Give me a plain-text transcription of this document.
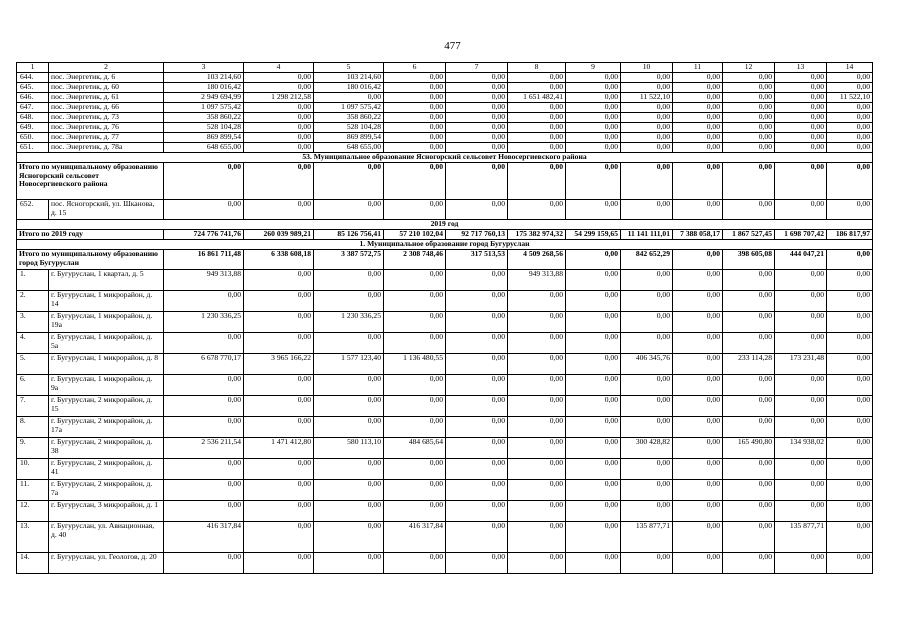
477
1	2	3	4	5	6	7	8	9	10	11	12	13	14
644.	пос. Энергетик, д. 6	103 214,60	0,00	103 214,60	0,00	0,00	0,00	0,00	0,00	0,00	0,00	0,00	0,00
645.	пос. Энергетик, д. 60	180 016,42	0,00	180 016,42	0,00	0,00	0,00	0,00	0,00	0,00	0,00	0,00	0,00
646.	пос. Энергетик, д. 61	2 949 694,99	1 298 212,58	0,00	0,00	0,00	1 651 482,41	0,00	11 522,10	0,00	0,00	0,00	11 522,10
647.	пос. Энергетик, д. 66	1 097 575,42	0,00	1 097 575,42	0,00	0,00	0,00	0,00	0,00	0,00	0,00	0,00	0,00
648.	пос. Энергетик, д. 73	358 860,22	0,00	358 860,22	0,00	0,00	0,00	0,00	0,00	0,00	0,00	0,00	0,00
649.	пос. Энергетик, д. 76	528 104,28	0,00	528 104,28	0,00	0,00	0,00	0,00	0,00	0,00	0,00	0,00	0,00
650.	пос. Энергетик, д. 77	869 899,54	0,00	869 899,54	0,00	0,00	0,00	0,00	0,00	0,00	0,00	0,00	0,00
651.	пос. Энергетик, д. 78а	648 655,00	0,00	648 655,00	0,00	0,00	0,00	0,00	0,00	0,00	0,00	0,00	0,00
53. Муниципальное образование Ясногорский сельсовет Новосергиевского района													
Итого по муниципальному образованию Ясногорский сельсовет Новосергиевского района		0,00	0,00	0,00	0,00	0,00	0,00	0,00	0,00	0,00	0,00	0,00	0,00
652.	пос. Ясногорский, ул. Шканова, д. 15	0,00	0,00	0,00	0,00	0,00	0,00	0,00	0,00	0,00	0,00	0,00	0,00
2019 год													
Итого по 2019 году		724 776 741,76	260 039 989,21	85 126 756,41	57 210 102,04	92 717 760,13	175 382 974,32	54 299 159,65	11 141 111,01	7 388 058,17	1 867 527,45	1 698 707,42	186 817,97
1. Муниципальное образование город Бугуруслан													
Итого по муниципальному образованию город Бугуруслан		16 861 711,48	6 338 608,18	3 387 572,75	2 308 748,46	317 513,53	4 509 268,56	0,00	842 652,29	0,00	398 605,08	444 047,21	0,00
1.	г. Бугуруслан, 1 квартал, д. 5	949 313,88	0,00	0,00	0,00	0,00	949 313,88	0,00	0,00	0,00	0,00	0,00	0,00
2.	г. Бугуруслан, 1 микрорайон, д. 14	0,00	0,00	0,00	0,00	0,00	0,00	0,00	0,00	0,00	0,00	0,00	0,00
3.	г. Бугуруслан, 1 микрорайон, д. 19а	1 230 336,25	0,00	1 230 336,25	0,00	0,00	0,00	0,00	0,00	0,00	0,00	0,00	0,00
4.	г. Бугуруслан, 1 микрорайон, д. 5а	0,00	0,00	0,00	0,00	0,00	0,00	0,00	0,00	0,00	0,00	0,00	0,00
5.	г. Бугуруслан, 1 микрорайон, д. 8	6 678 770,17	3 965 166,22	1 577 123,40	1 136 480,55	0,00	0,00	0,00	406 345,76	0,00	233 114,28	173 231,48	0,00
6.	г. Бугуруслан, 1 микрорайон, д. 9а	0,00	0,00	0,00	0,00	0,00	0,00	0,00	0,00	0,00	0,00	0,00	0,00
7.	г. Бугуруслан, 2 микрорайон, д. 15	0,00	0,00	0,00	0,00	0,00	0,00	0,00	0,00	0,00	0,00	0,00	0,00
8.	г. Бугуруслан, 2 микрорайон, д. 17а	0,00	0,00	0,00	0,00	0,00	0,00	0,00	0,00	0,00	0,00	0,00	0,00
9.	г. Бугуруслан, 2 микрорайон, д. 38	2 536 211,54	1 471 412,80	580 113,10	484 685,64	0,00	0,00	0,00	300 428,82	0,00	165 490,80	134 938,02	0,00
10.	г. Бугуруслан, 2 микрорайон, д. 41	0,00	0,00	0,00	0,00	0,00	0,00	0,00	0,00	0,00	0,00	0,00	0,00
11.	г. Бугуруслан, 2 микрорайон, д. 7а	0,00	0,00	0,00	0,00	0,00	0,00	0,00	0,00	0,00	0,00	0,00	0,00
12.	г. Бугуруслан, 3 микрорайон, д. 1	0,00	0,00	0,00	0,00	0,00	0,00	0,00	0,00	0,00	0,00	0,00	0,00
13.	г. Бугуруслан, ул. Авиационная, д. 40	416 317,84	0,00	0,00	416 317,84	0,00	0,00	0,00	135 877,71	0,00	0,00	135 877,71	0,00
14.	г. Бугуруслан, ул. Геологов, д. 20	0,00	0,00	0,00	0,00	0,00	0,00	0,00	0,00	0,00	0,00	0,00	0,00
